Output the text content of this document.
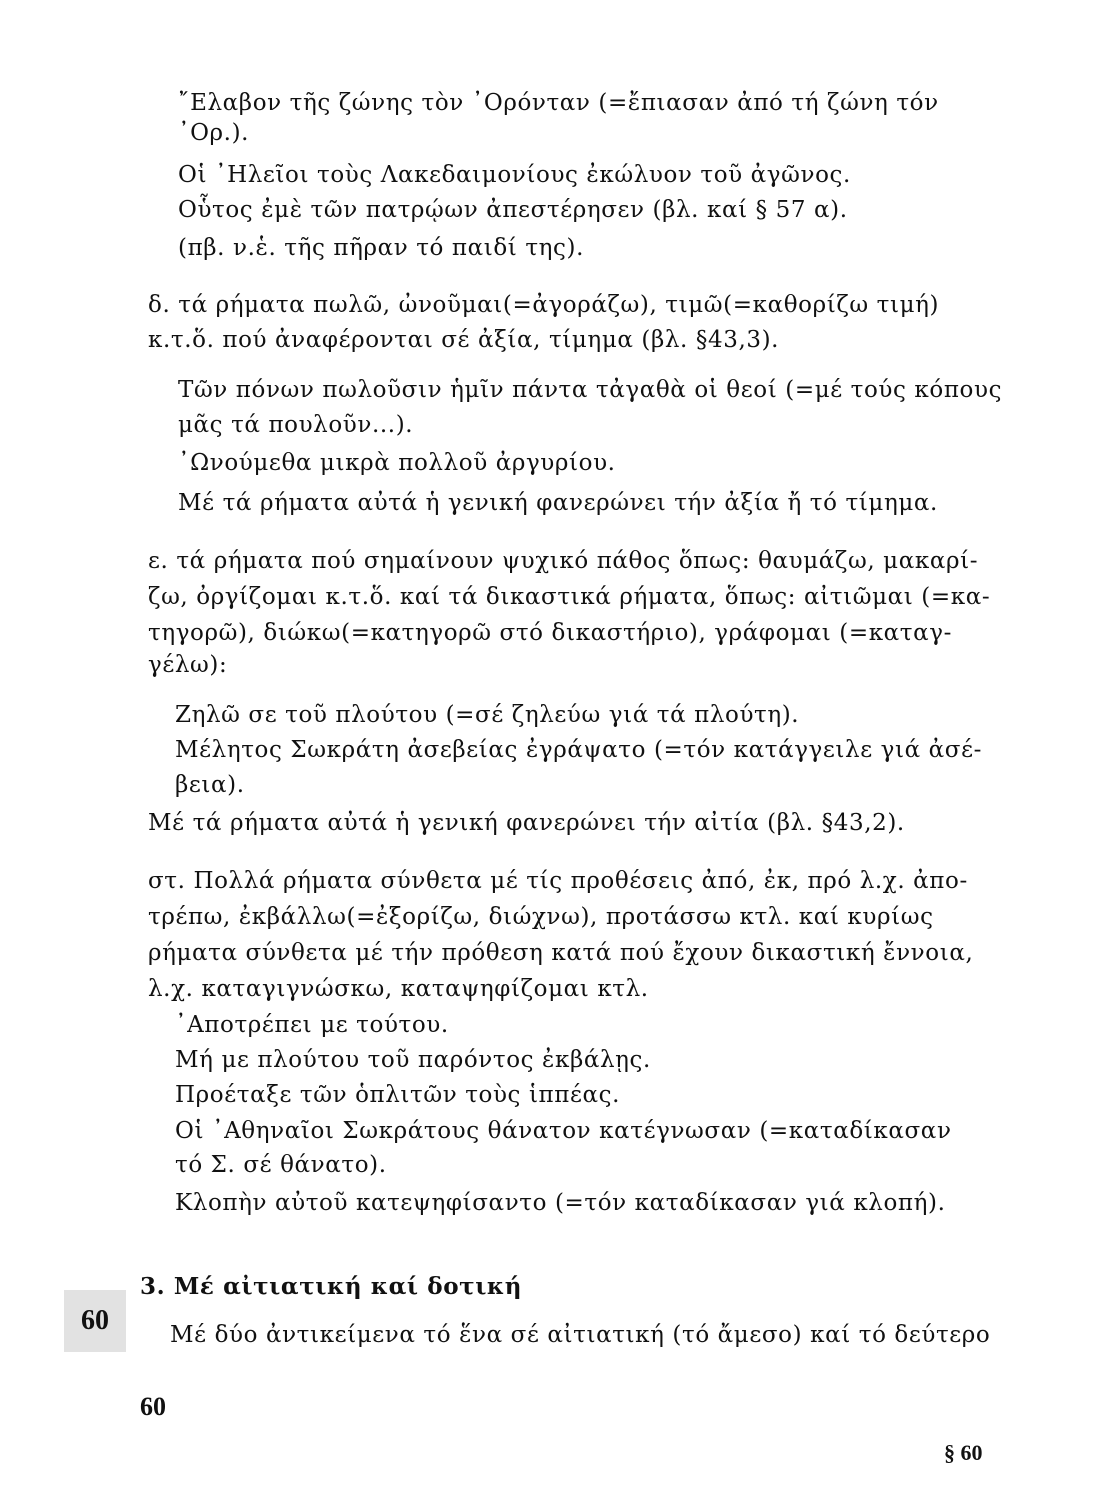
῎Ελαβον τῆς ζώνης τὸν ᾿Ορόνταν (=ἔπιασαν ἀπό τή ζώνη τόν
᾿Ορ.).
Οἱ ᾿Ηλεῖοι τοὺς Λακεδαιμονίους ἐκώλυον τοῦ ἀγῶνος.
Οὗτος ἐμὲ τῶν πατρῴων ἀπεστέρησεν (βλ. καί § 57 α).
(πβ. ν.ἑ. τῆς πῆραν τό παιδί της).
δ. τά ρήματα πωλῶ, ὠνοῦμαι(=ἀγοράζω), τιμῶ(=καθορίζω τιμή)
κ.τ.ὅ. πού ἀναφέρονται σέ ἀξία, τίμημα (βλ. §43,3).
Τῶν πόνων πωλοῦσιν ἡμῖν πάντα τἀγαθὰ οἱ θεοί (=μέ τούς κόπους
μᾶς τά πουλοῦν...).
᾿Ωνούμεθα μικρὰ πολλοῦ ἀργυρίου.
Μέ τά ρήματα αὐτά ἡ γενική φανερώνει τήν ἀξία ἤ τό τίμημα.
ε. τά ρήματα πού σημαίνουν ψυχικό πάθος ὅπως: θαυμάζω, μακαρί-
ζω, ὀργίζομαι κ.τ.ὅ. καί τά δικαστικά ρήματα, ὅπως: αἰτιῶμαι (=κα-
τηγορῶ), διώκω(=κατηγορῶ στό δικαστήριο), γράφομαι (=καταγ-
γέλω):
Ζηλῶ σε τοῦ πλούτου (=σέ ζηλεύω γιά τά πλούτη).
Μέλητος Σωκράτη ἀσεβείας ἐγράψατο (=τόν κατάγγειλε γιά ἀσέ-
βεια).
Μέ τά ρήματα αὐτά ἡ γενική φανερώνει τήν αἰτία (βλ. §43,2).
στ. Πολλά ρήματα σύνθετα μέ τίς προθέσεις ἀπό, ἐκ, πρό λ.χ. ἀπο-
τρέπω, ἐκβάλλω(=ἐξορίζω, διώχνω), προτάσσω κτλ. καί κυρίως
ρήματα σύνθετα μέ τήν πρόθεση κατά πού ἔχουν δικαστική ἔννοια,
λ.χ. καταγιγνώσκω, καταψηφίζομαι κτλ.
᾿Αποτρέπει με τούτου.
Μή με πλούτου τοῦ παρόντος ἐκβάλῃς.
Προέταξε τῶν ὁπλιτῶν τοὺς ἱππέας.
Οἱ ᾿Αθηναῖοι Σωκράτους θάνατον κατέγνωσαν (=καταδίκασαν
τό Σ. σέ θάνατο).
Κλοπὴν αὐτοῦ κατεψηφίσαντο (=τόν καταδίκασαν γιά κλοπή).
3. Μέ αἰτιατική καί δοτική
60	Μέ δύο ἀντικείμενα τό ἕνα σέ αἰτιατική (τό ἄμεσο) καί τό δεύτερο
60
§ 60
